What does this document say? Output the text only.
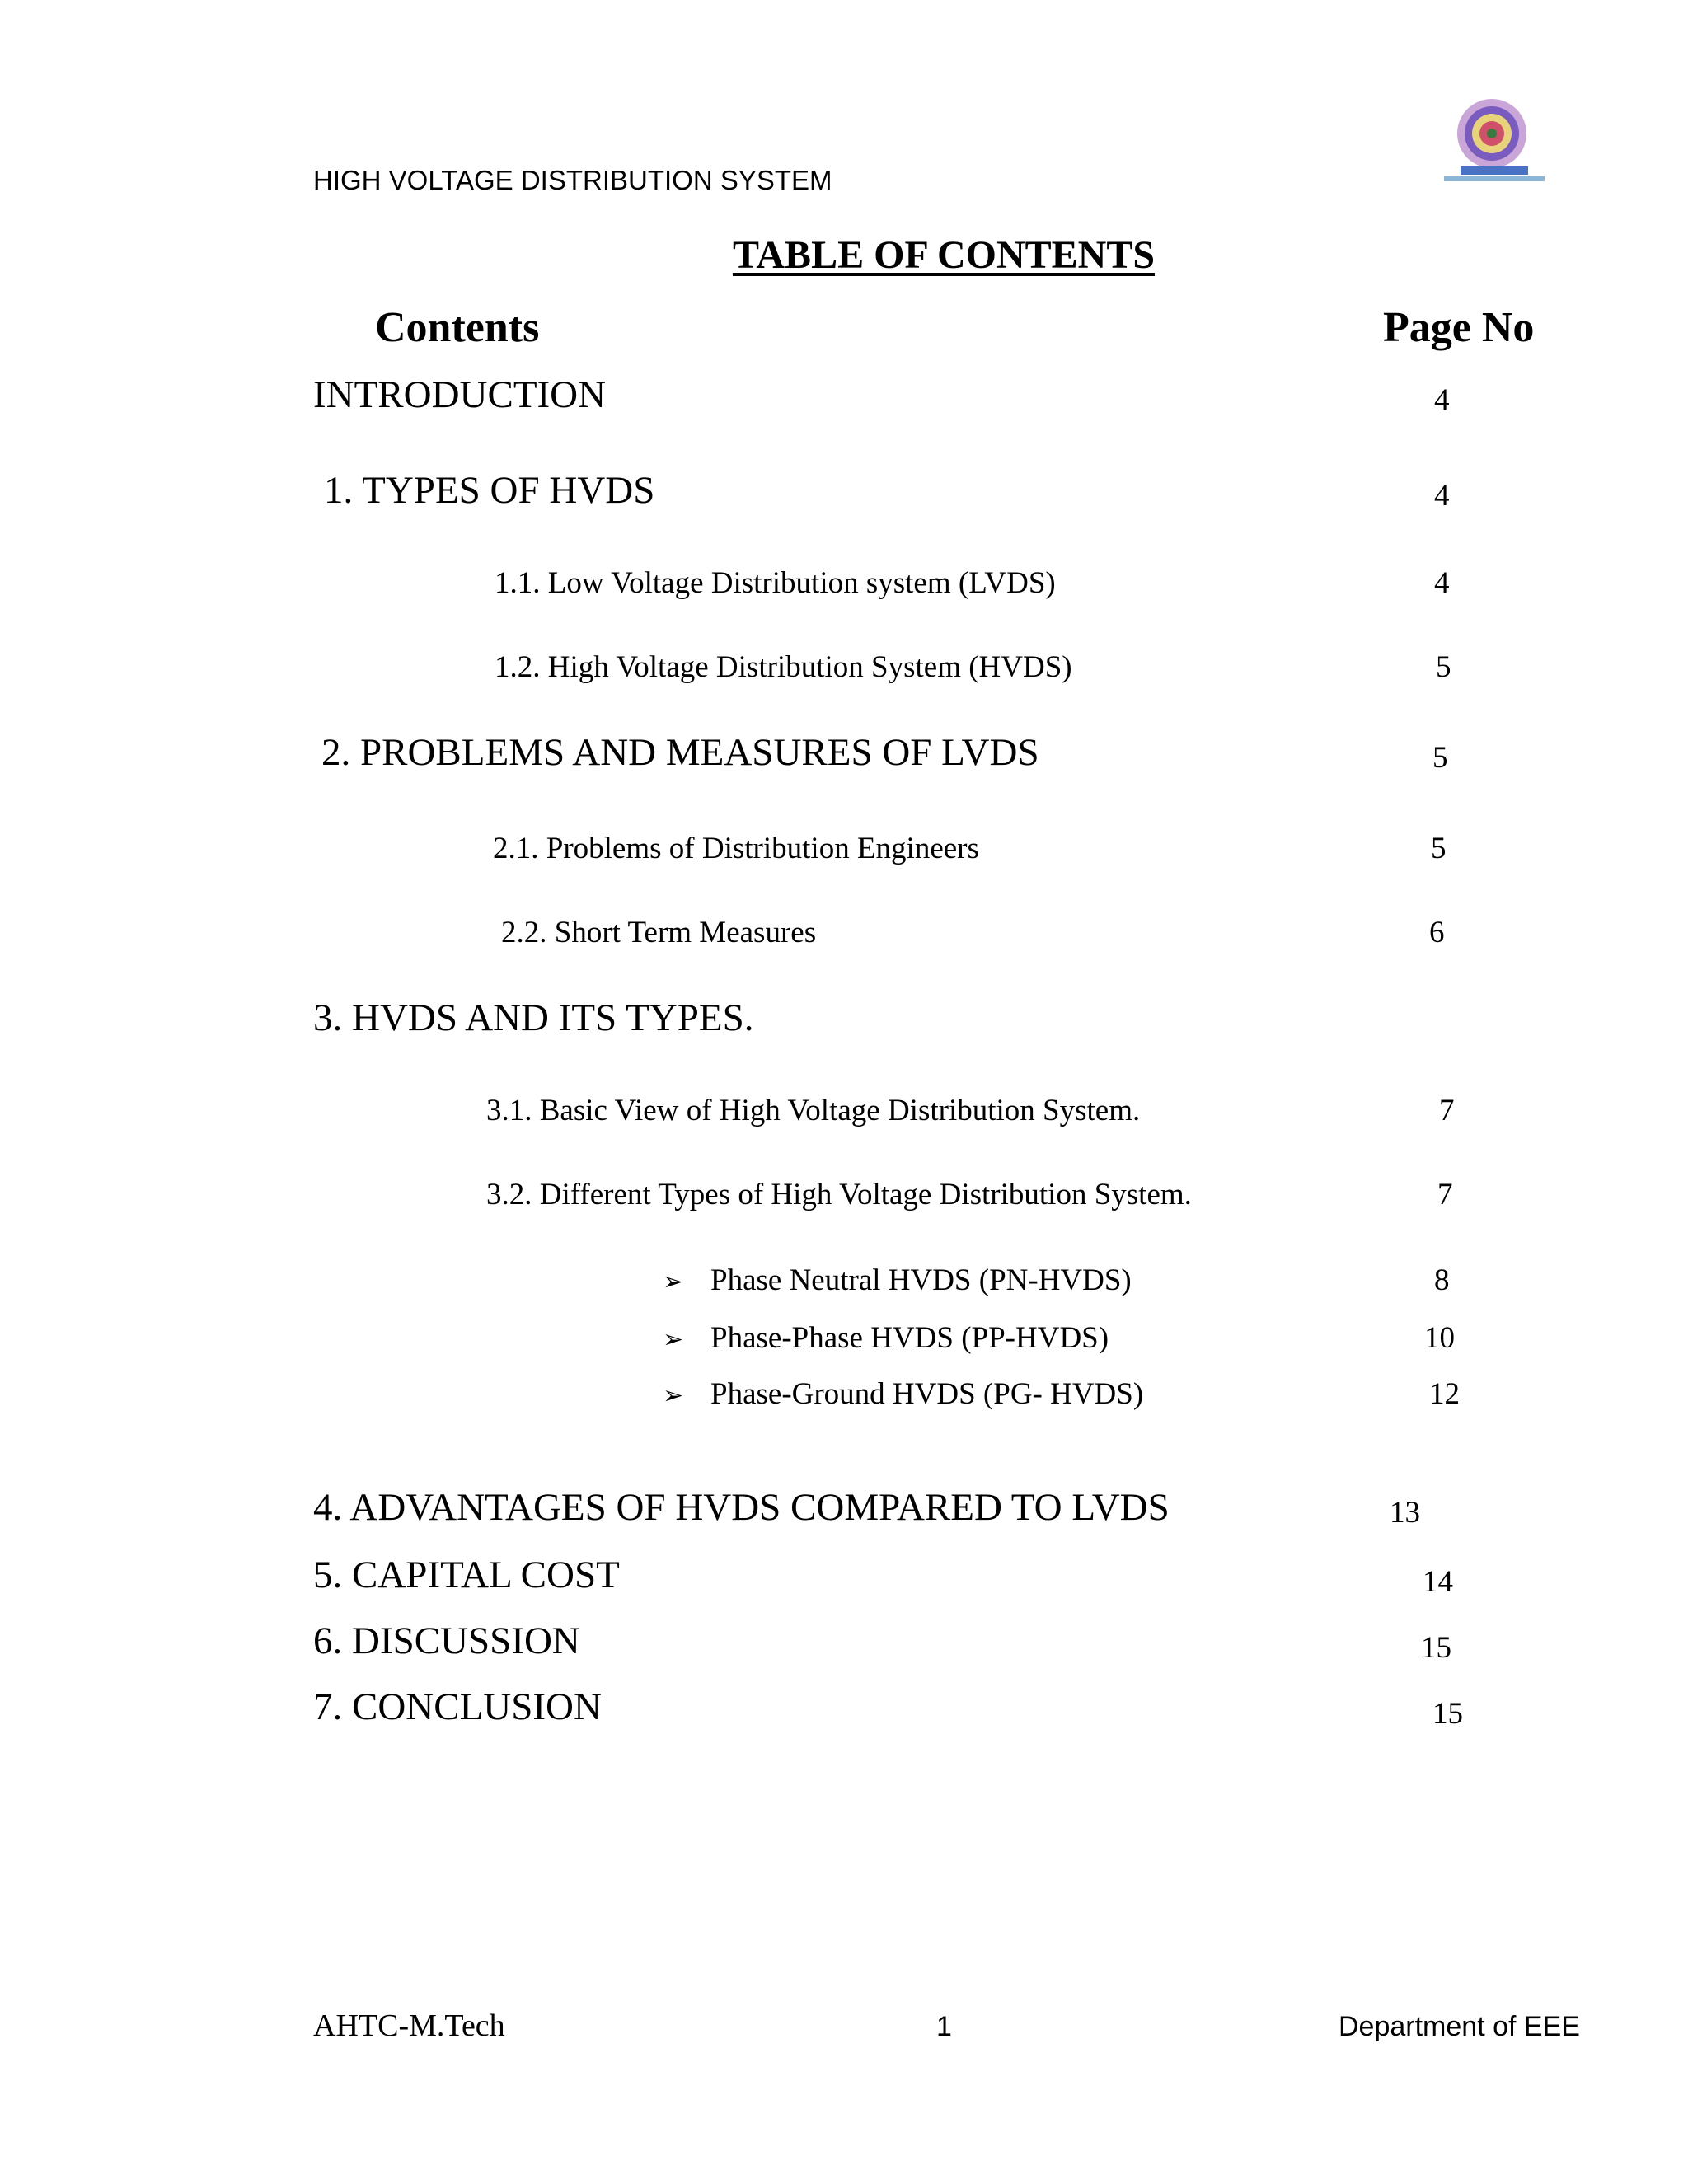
HIGH VOLTAGE DISTRIBUTION SYSTEM
TABLE OF CONTENTS
Contents	Page No
INTRODUCTION	4
1. TYPES OF HVDS	4
1.1. Low Voltage Distribution system (LVDS)	4
1.2. High Voltage Distribution System (HVDS)	5
2. PROBLEMS AND MEASURES OF LVDS	5
2.1. Problems of Distribution Engineers	5
2.2. Short Term Measures	6
3. HVDS AND ITS TYPES.
3.1. Basic View of High Voltage Distribution System.	7
3.2. Different Types of High Voltage Distribution System.	7
➢ Phase Neutral HVDS (PN-HVDS)	8
➢ Phase-Phase HVDS (PP-HVDS)	10
➢ Phase-Ground HVDS (PG- HVDS)	12
4. ADVANTAGES OF HVDS COMPARED TO LVDS	13
5. CAPITAL COST	14
6. DISCUSSION	15
7. CONCLUSION	15
AHTC-M.Tech	1	Department of EEE
